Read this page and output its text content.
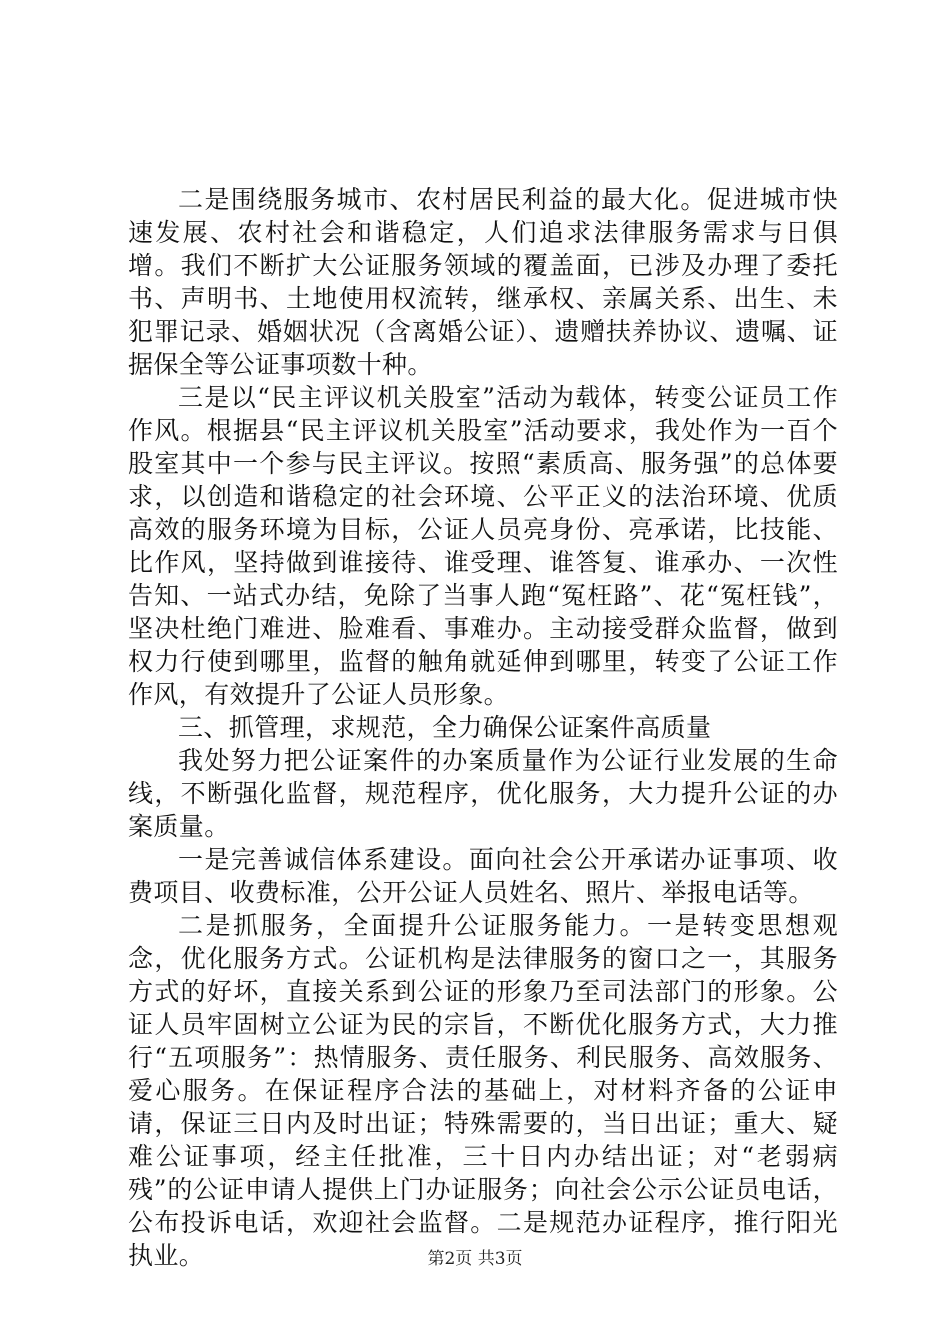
二是围绕服务城市、农村居民利益的最大化。促进城市快速发展、农村社会和谐稳定，人们追求法律服务需求与日俱增。我们不断扩大公证服务领域的覆盖面，已涉及办理了委托书、声明书、土地使用权流转，继承权、亲属关系、出生、未犯罪记录、婚姻状况（含离婚公证）、遗赠扶养协议、遗嘱、证据保全等公证事项数十种。

三是以“民主评议机关股室”活动为载体，转变公证员工作作风。根据县“民主评议机关股室”活动要求，我处作为一百个股室其中一个参与民主评议。按照“素质高、服务强”的总体要求，以创造和谐稳定的社会环境、公平正义的法治环境、优质高效的服务环境为目标，公证人员亮身份、亮承诺，比技能、比作风，坚持做到谁接待、谁受理、谁答复、谁承办、一次性告知、一站式办结，免除了当事人跑“冤枉路”、花“冤枉钱”，坚决杜绝门难进、脸难看、事难办。主动接受群众监督，做到权力行使到哪里，监督的触角就延伸到哪里，转变了公证工作作风，有效提升了公证人员形象。

三、抓管理，求规范，全力确保公证案件高质量

我处努力把公证案件的办案质量作为公证行业发展的生命线，不断强化监督，规范程序，优化服务，大力提升公证的办案质量。

一是完善诚信体系建设。面向社会公开承诺办证事项、收费项目、收费标准，公开公证人员姓名、照片、举报电话等。

二是抓服务，全面提升公证服务能力。一是转变思想观念，优化服务方式。公证机构是法律服务的窗口之一，其服务方式的好坏，直接关系到公证的形象乃至司法部门的形象。公证人员牢固树立公证为民的宗旨，不断优化服务方式，大力推行“五项服务”：热情服务、责任服务、利民服务、高效服务、爱心服务。在保证程序合法的基础上，对材料齐备的公证申请，保证三日内及时出证；特殊需要的，当日出证；重大、疑难公证事项，经主任批准，三十日内办结出证；对“老弱病残”的公证申请人提供上门办证服务；向社会公示公证员电话，公布投诉电话，欢迎社会监督。二是规范办证程序，推行阳光执业。	第2页 共3页
